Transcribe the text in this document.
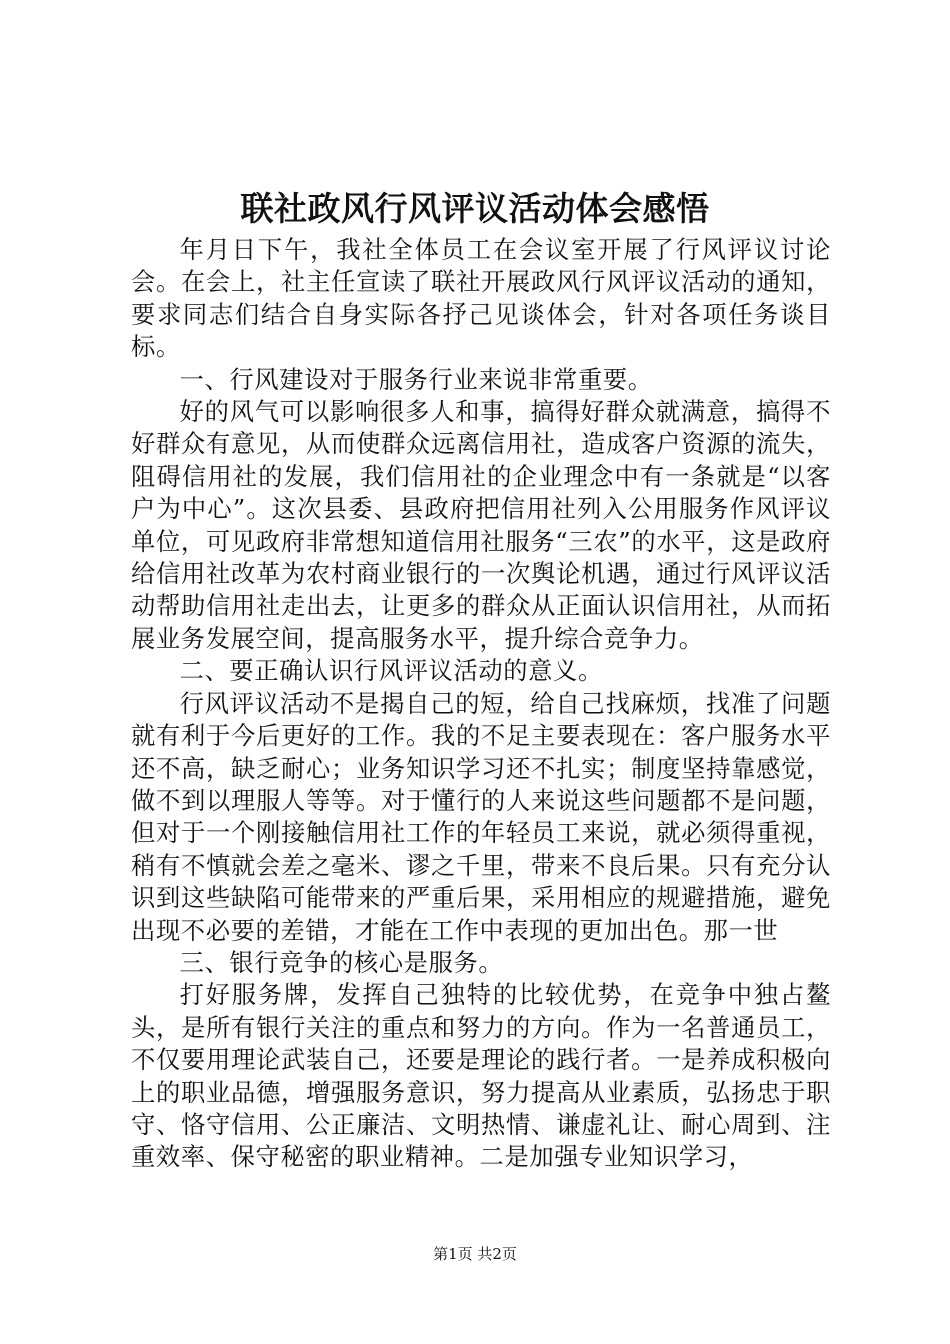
联社政风行风评议活动体会感悟

年月日下午，我社全体员工在会议室开展了行风评议讨论会。在会上，社主任宣读了联社开展政风行风评议活动的通知，要求同志们结合自身实际各抒己见谈体会，针对各项任务谈目标。

一、行风建设对于服务行业来说非常重要。

好的风气可以影响很多人和事，搞得好群众就满意，搞得不好群众有意见，从而使群众远离信用社，造成客户资源的流失，阻碍信用社的发展，我们信用社的企业理念中有一条就是“以客户为中心”。这次县委、县政府把信用社列入公用服务作风评议单位，可见政府非常想知道信用社服务“三农”的水平，这是政府给信用社改革为农村商业银行的一次舆论机遇，通过行风评议活动帮助信用社走出去，让更多的群众从正面认识信用社，从而拓展业务发展空间，提高服务水平，提升综合竞争力。

二、要正确认识行风评议活动的意义。

行风评议活动不是揭自己的短，给自己找麻烦，找准了问题就有利于今后更好的工作。我的不足主要表现在：客户服务水平还不高，缺乏耐心；业务知识学习还不扎实；制度坚持靠感觉，做不到以理服人等等。对于懂行的人来说这些问题都不是问题，但对于一个刚接触信用社工作的年轻员工来说，就必须得重视，稍有不慎就会差之毫米、谬之千里，带来不良后果。只有充分认识到这些缺陷可能带来的严重后果，采用相应的规避措施，避免出现不必要的差错，才能在工作中表现的更加出色。那一世

三、银行竞争的核心是服务。

打好服务牌，发挥自己独特的比较优势，在竞争中独占鳌头，是所有银行关注的重点和努力的方向。作为一名普通员工，不仅要用理论武装自己，还要是理论的践行者。一是养成积极向上的职业品德，增强服务意识，努力提高从业素质，弘扬忠于职守、恪守信用、公正廉洁、文明热情、谦虚礼让、耐心周到、注重效率、保守秘密的职业精神。二是加强专业知识学习，

第1页 共2页
